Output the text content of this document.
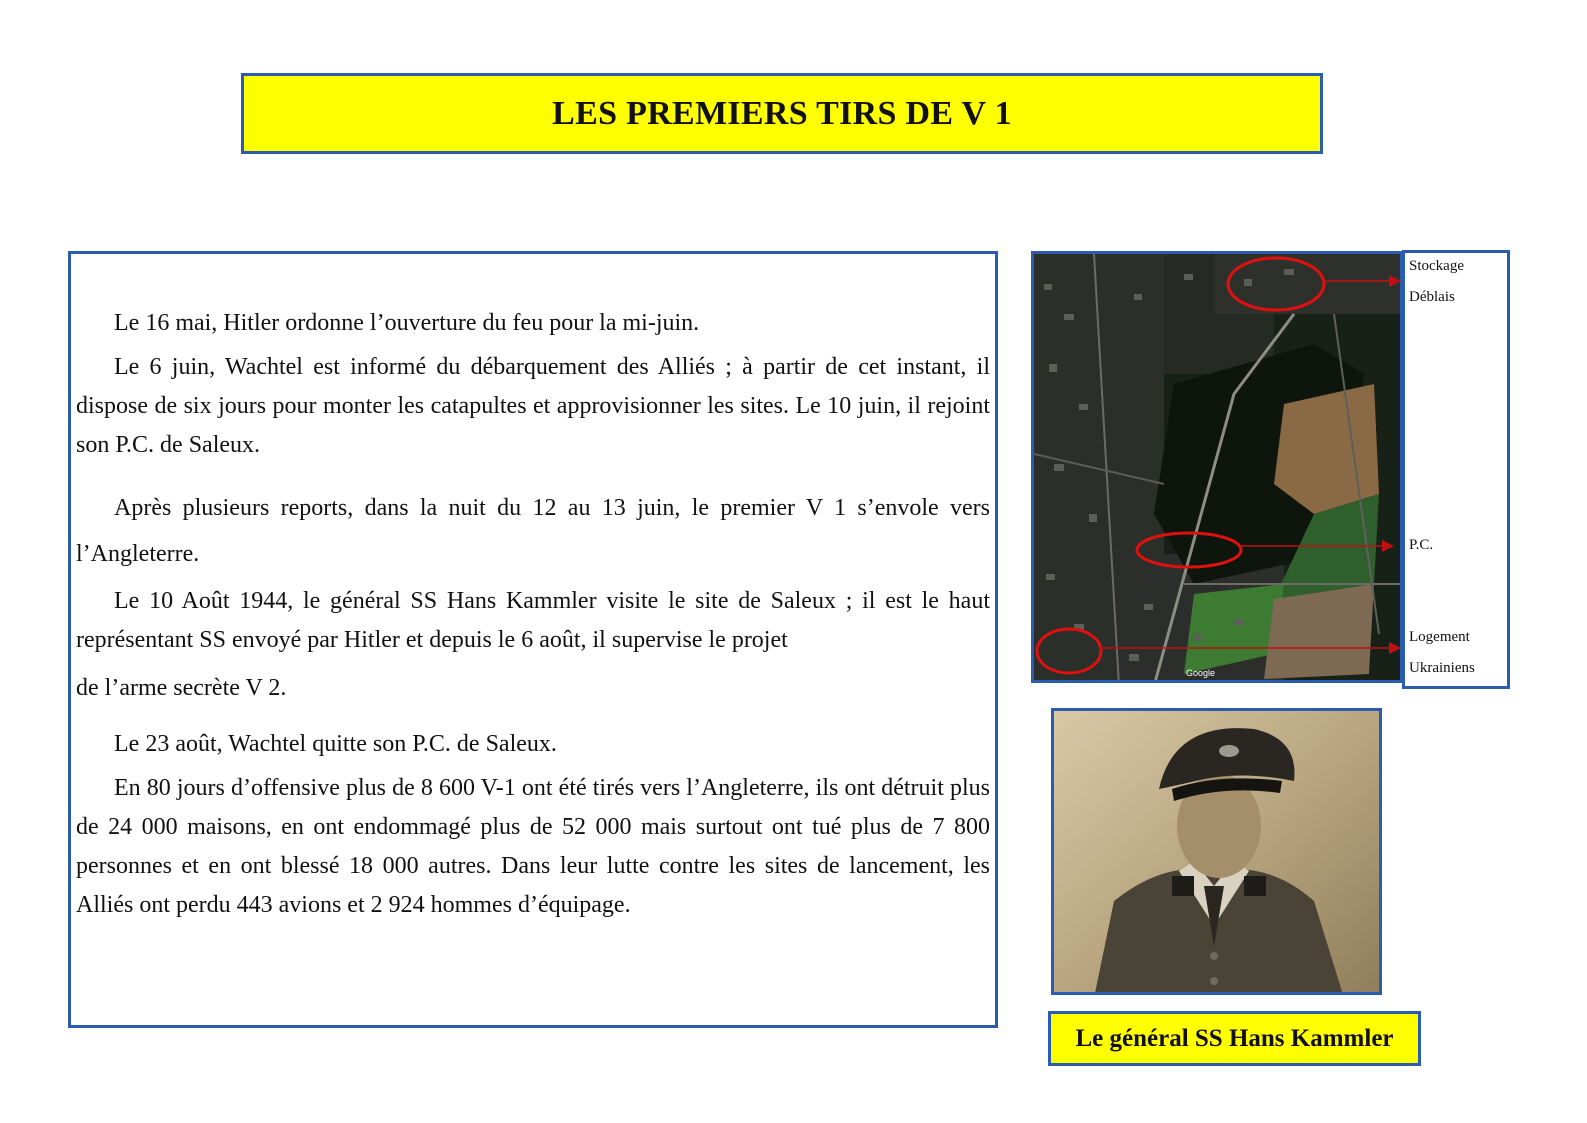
LES PREMIERS TIRS DE V 1

Le 16 mai, Hitler ordonne l’ouverture du feu pour la mi-juin.

Le 6 juin, Wachtel est informé du débarquement des Alliés ; à partir de cet instant, il dispose de six jours pour monter les catapultes et approvisionner les sites. Le 10 juin, il rejoint son P.C. de Saleux.

Après plusieurs reports, dans la nuit du 12 au 13 juin, le premier V 1 s’envole vers l’Angleterre.

Le 10 Août 1944, le général SS Hans Kammler visite le site de Saleux ; il est le haut représentant SS envoyé par Hitler et depuis le 6 août, il supervise le projet

de l’arme secrète V 2.

Le 23 août, Wachtel quitte son P.C. de Saleux.

En 80 jours d’offensive plus de 8 600 V-1 ont été tirés vers l’Angleterre, ils ont détruit plus de 24 000 maisons, en ont endommagé plus de 52 000 mais surtout ont tué plus de 7 800 personnes et en ont blessé 18 000 autres. Dans leur lutte contre les sites de lancement, les Alliés ont perdu 443 avions et 2 924 hommes d’équipage.

Google
Stockage
Déblais
P.C.
Logement
Ukrainiens
Le général SS Hans Kammler
